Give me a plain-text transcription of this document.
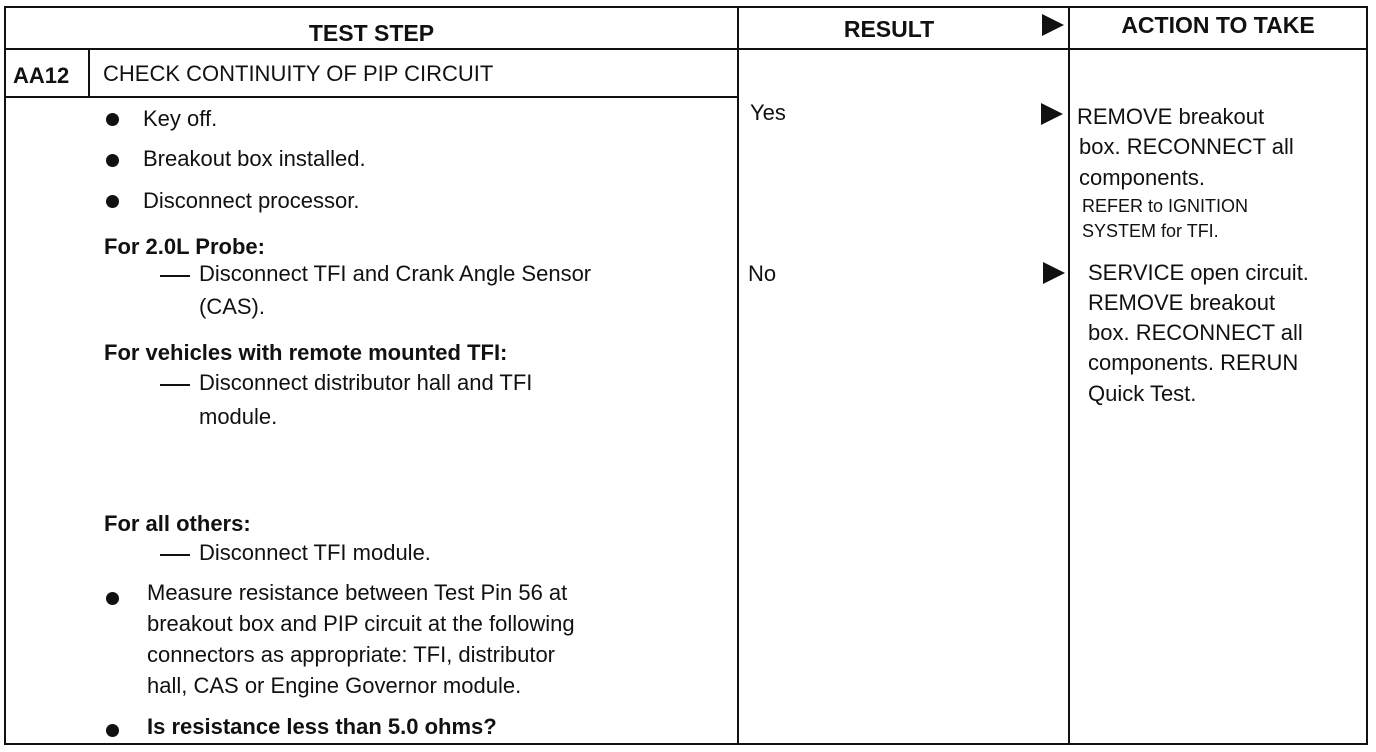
TEST STEP	RESULT	ACTION TO TAKE
AA12 CHECK CONTINUITY OF PIP CIRCUIT
Key off.
Breakout box installed.
Disconnect processor.
For 2.0L Probe:
Disconnect TFI and Crank Angle Sensor
(CAS).
For vehicles with remote mounted TFI:
Disconnect distributor hall and TFI
module.
For all others:
Disconnect TFI module.
Measure resistance between Test Pin 56 at
breakout box and PIP circuit at the following
connectors as appropriate: TFI, distributor
hall, CAS or Engine Governor module.
Is resistance less than 5.0 ohms?
Yes
No
REMOVE breakout
box. RECONNECT all
components.
REFER to IGNITION
SYSTEM for TFI.
SERVICE open circuit.
REMOVE breakout
box. RECONNECT all
components. RERUN
Quick Test.
